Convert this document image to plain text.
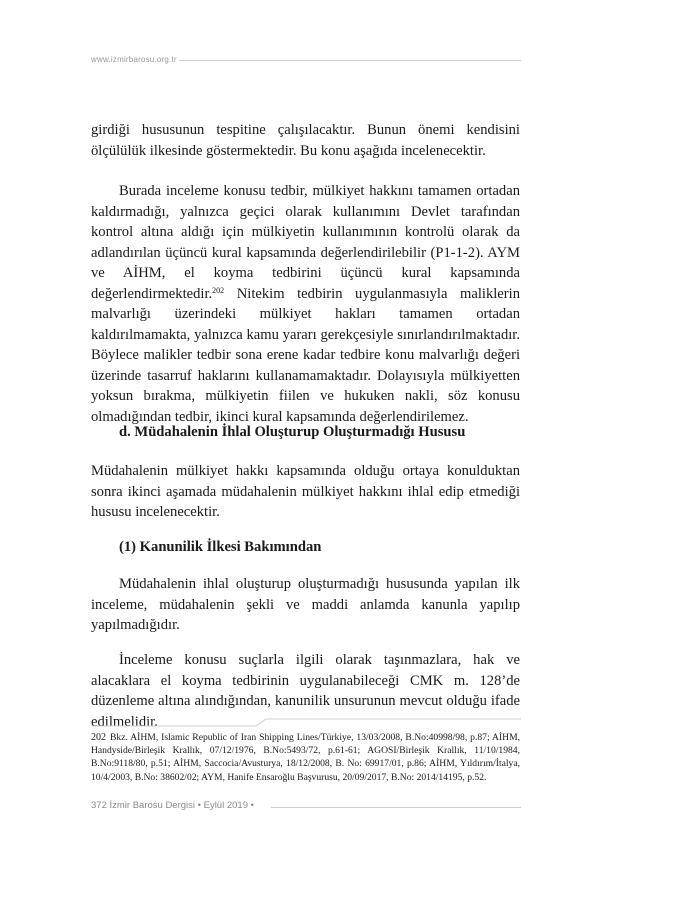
www.izmirbarosu.org.tr

girdiği hususunun tespitine çalışılacaktır. Bunun önemi kendisini ölçülülük ilkesinde göstermektedir. Bu konu aşağıda incelenecektir.

Burada inceleme konusu tedbir, mülkiyet hakkını tamamen ortadan kaldırmadığı, yalnızca geçici olarak kullanımını Devlet tarafından kontrol altına aldığı için mülkiyetin kullanımının kontrolü olarak da adlandırılan üçüncü kural kapsamında değerlendirilebilir (P1-1-2). AYM ve AİHM, el koyma tedbirini üçüncü kural kapsamında değerlendirmektedir.$^{202}$ Nitekim tedbirin uygulanmasıyla maliklerin malvarlığı üzerindeki mülkiyet hakları tamamen ortadan kaldırılmamakta, yalnızca kamu yararı gerekçesiyle sınırlandırılmaktadır. Böylece malikler tedbir sona erene kadar tedbire konu malvarlığı değeri üzerinde tasarruf haklarını kullanamamaktadır. Dolayısıyla mülkiyetten yoksun bırakma, mülkiyetin fiilen ve hukuken nakli, söz konusu olmadığından tedbir, ikinci kural kapsamında değerlendirilemez.

d. Müdahalenin İhlal Oluşturup Oluşturmadığı Hususu

Müdahalenin mülkiyet hakkı kapsamında olduğu ortaya konulduktan sonra ikinci aşamada müdahalenin mülkiyet hakkını ihlal edip etmediği hususu incelenecektir.

(1) Kanunilik İlkesi Bakımından

Müdahalenin ihlal oluşturup oluşturmadığı hususunda yapılan ilk inceleme, müdahalenin şekli ve maddi anlamda kanunla yapılıp yapılmadığıdır.

İnceleme konusu suçlarla ilgili olarak taşınmazlara, hak ve alacaklara el koyma tedbirinin uygulanabileceği CMK m. 128’de düzenleme altına alındığından, kanunilik unsurunun mevcut olduğu ifade edilmelidir.

202 Bkz. AİHM, Islamic Republic of Iran Shipping Lines/Türkiye, 13/03/2008, B.No:40998/98, p.87; AİHM, Handyside/Birleşik Krallık, 07/12/1976, B.No:5493/72, p.61-61; AGOSI/Birleşik Krallık, 11/10/1984, B.No:9118/80, p.51; AİHM, Saccocia/Avusturya, 18/12/2008, B. No: 69917/01, p.86; AİHM, Yıldırım/İtalya, 10/4/2003, B.No: 38602/02; AYM, Hanife Ensaroğlu Başvurusu, 20/09/2017, B.No: 2014/14195, p.52.

372 İzmir Barosu Dergisi • Eylül 2019 •
